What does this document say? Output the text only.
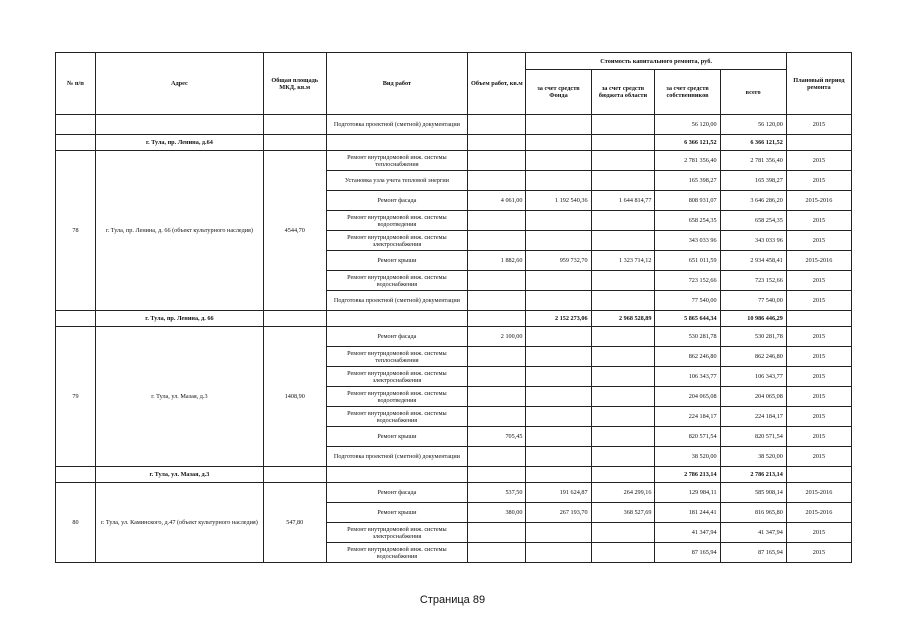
№ п/п	Адрес	Общая площадь МКД, кв.м	Вид работ	Объем работ, кв.м	Стоимость капитального ремонта, руб.				Плановый период ремонта
					за счет средств Фонда	за счет средств бюджета области	за счет средств собственников	всего	
			Подготовка проектной (сметной) документации				56 120,00	56 120,00	2015
	г. Тула, пр. Ленина, д.64						6 366 121,52	6 366 121,52	
78	г. Тула, пр. Ленина, д. 66 (объект культурного наследия)	4544,70	Ремонт внутридомовой инж. системы теплоснабжения				2 781 356,40	2 781 356,40	2015
			Установка узла учета тепловой энергии				165 398,27	165 398,27	2015
			Ремонт фасада	4 061,00	1 192 540,36	1 644 814,77	808 931,07	3 646 286,20	2015-2016
			Ремонт внутридомовой инж. системы водоотведения				658 254,35	658 254,35	2015
			Ремонт внутридомовой инж. системы электроснабжения				343 033 96	343 033 96	2015
			Ремонт крыши	1 882,60	959 732,70	1 323 714,12	651 011,59	2 934 458,41	2015-2016
			Ремонт внутридомовой инж. системы водоснабжения				723 152,66	723 152,66	2015
			Подготовка проектной (сметной) документации				77 540,00	77 540,00	2015
	г. Тула, пр. Ленина, д. 66				2 152 273,06	2 968 528,89	5 865 644,34	10 986 446,29	
79	г. Тула, ул. Мазая, д.3	1408,90	Ремонт фасада	2 100,00			530 281,78	530 281,78	2015
			Ремонт внутридомовой инж. системы теплоснабжения				862 246,80	862 246,80	2015
			Ремонт внутридомовой инж. системы электроснабжения				106 343,77	106 343,77	2015
			Ремонт внутридомовой инж. системы водоотведения				204 065,08	204 065,08	2015
			Ремонт внутридомовой инж. системы водоснабжения				224 184,17	224 184,17	2015
			Ремонт крыши	705,45			820 571,54	820 571,54	2015
			Подготовка проектной (сметной) документации				38 520,00	38 520,00	2015
	г. Тула, ул. Мазая, д.3						2 786 213,14	2 786 213,14	
80	г. Тула, ул. Каминского, д.47 (объект культурного наследия)	547,80	Ремонт фасада	537,50	191 624,87	264 299,16	129 984,11	585 908,14	2015-2016
			Ремонт крыши	380,00	267 193,70	368 527,69	181 244,41	816 965,80	2015-2016
			Ремонт внутридомовой инж. системы электроснабжения				41 347,94	41 347,94	2015
			Ремонт внутридомовой инж. системы водоснабжения				87 165,94	87 165,94	2015
Страница 89
